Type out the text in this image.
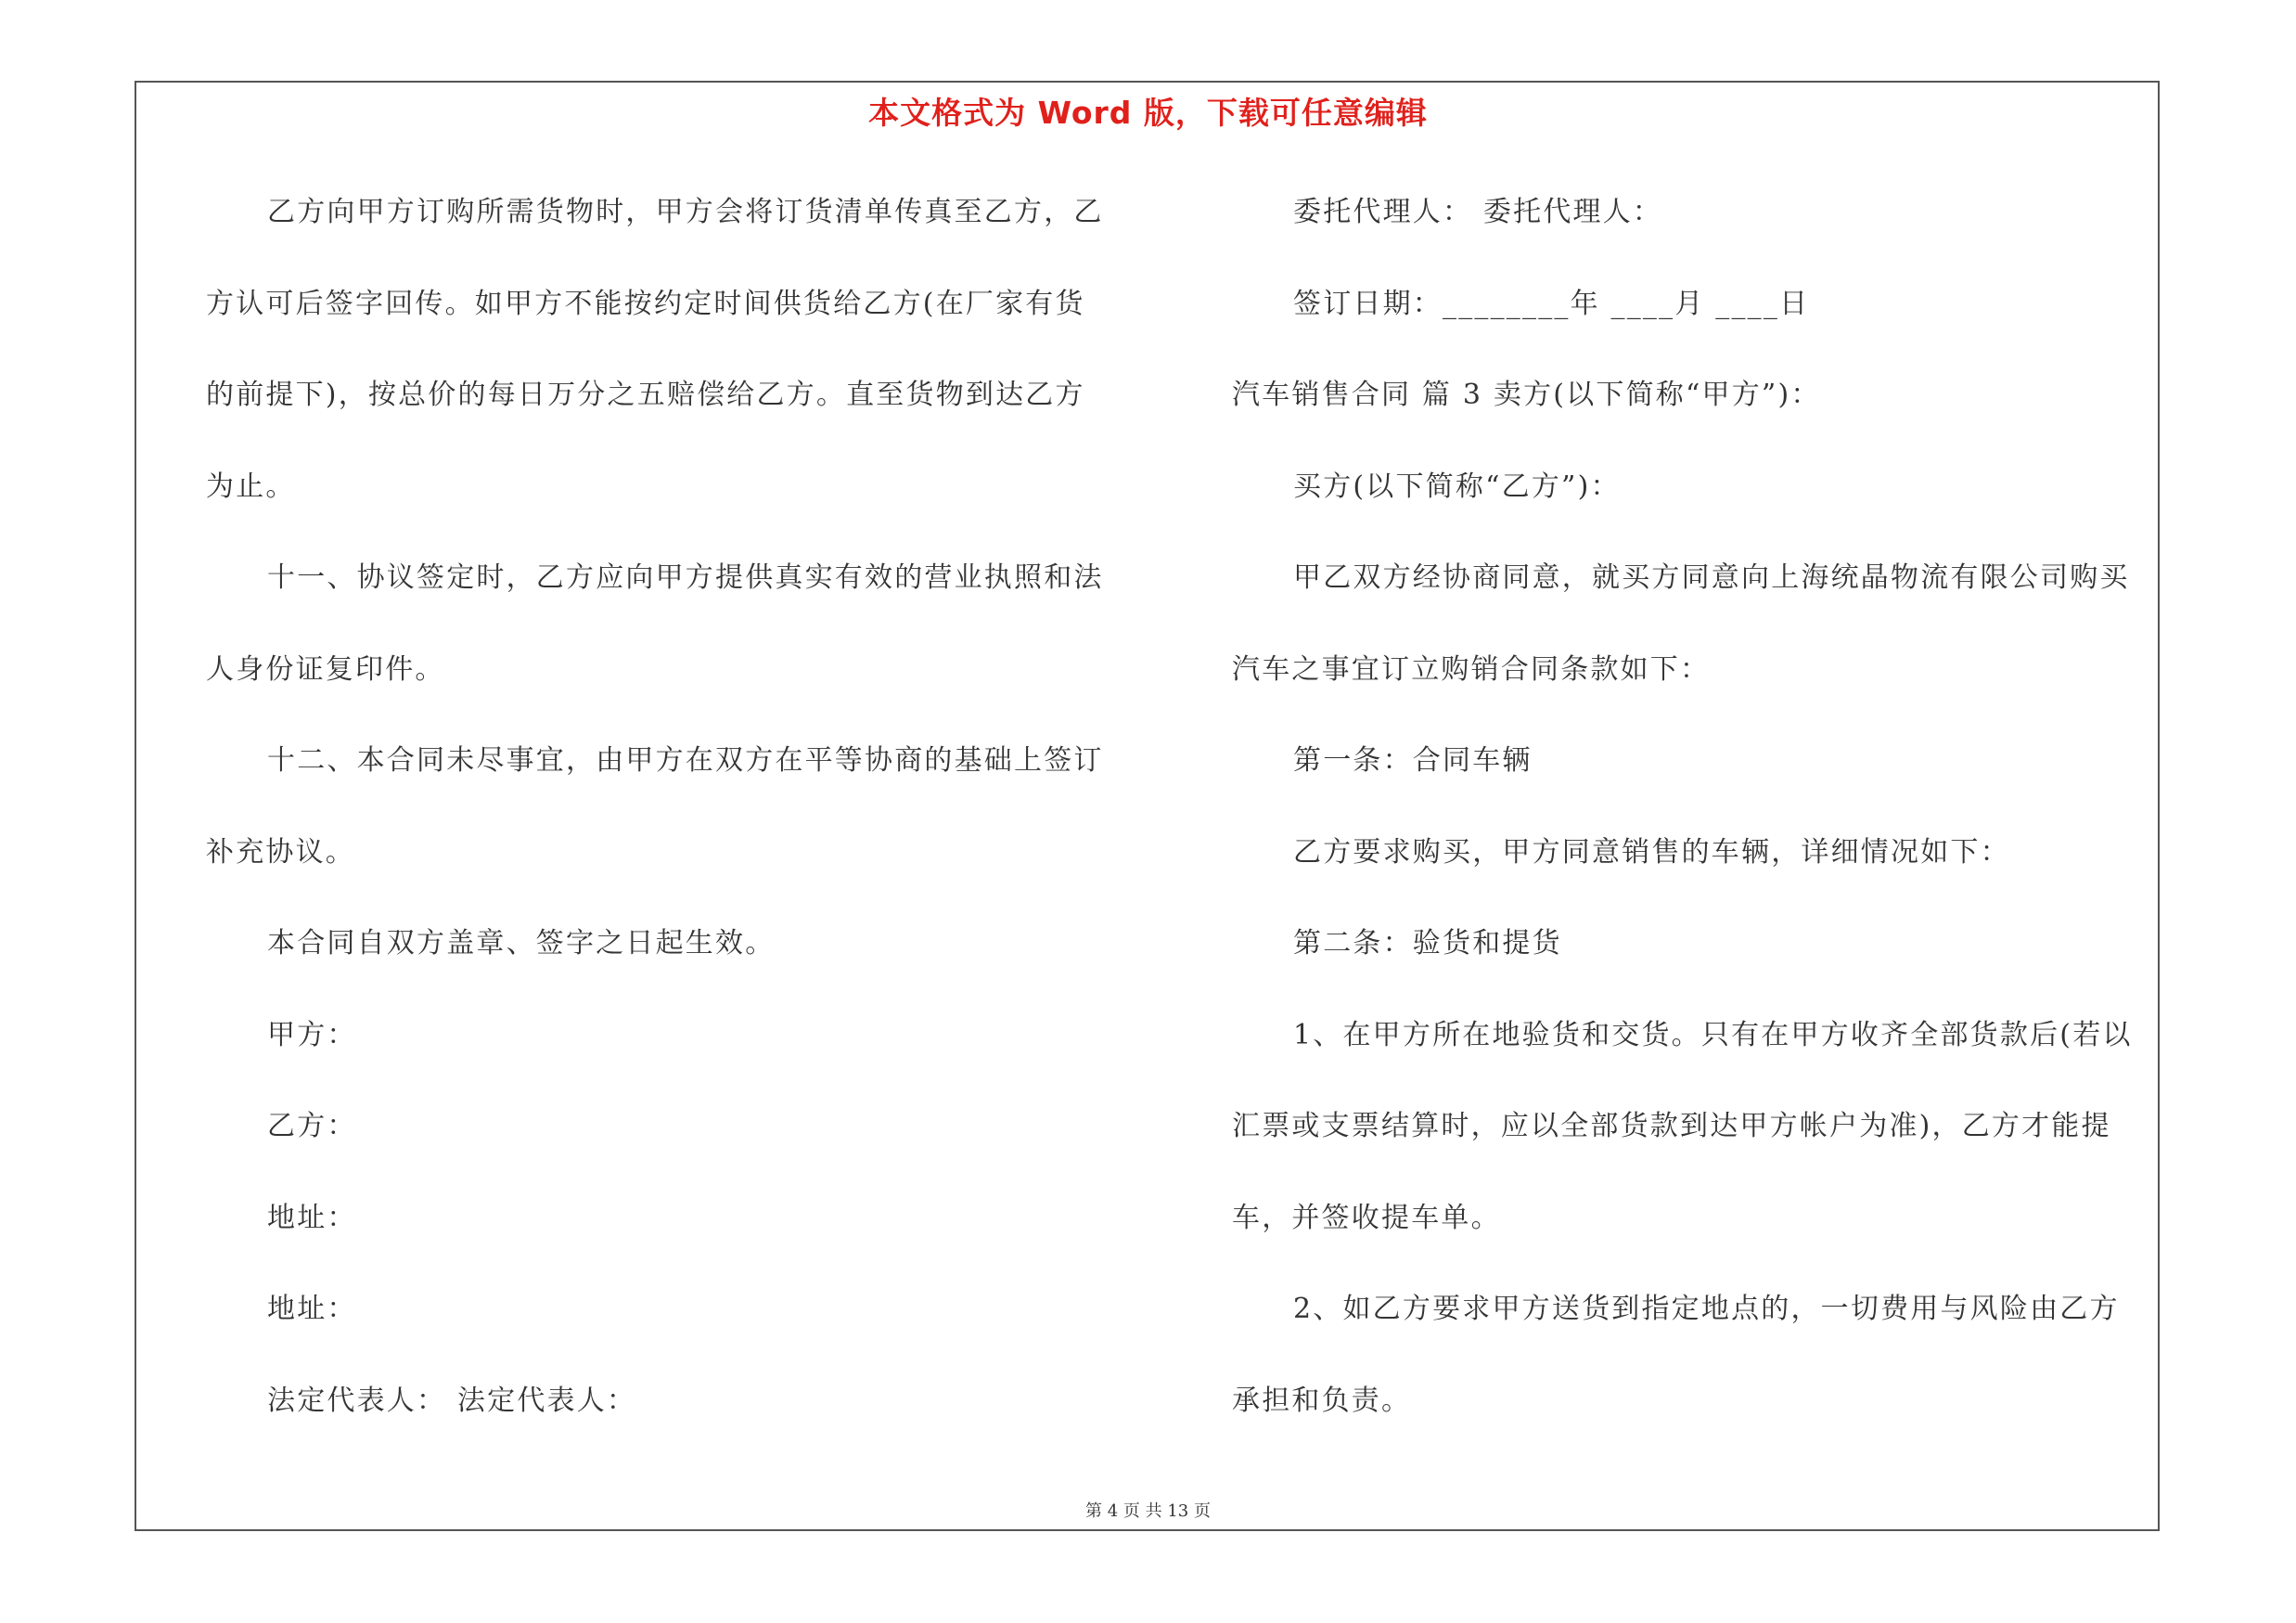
本文格式为 Word 版，下载可任意编辑
乙方向甲方订购所需货物时，甲方会将订货清单传真至乙方，乙
方认可后签字回传。如甲方不能按约定时间供货给乙方(在厂家有货
的前提下)，按总价的每日万分之五赔偿给乙方。直至货物到达乙方
为止。
十一、协议签定时，乙方应向甲方提供真实有效的营业执照和法
人身份证复印件。
十二、本合同未尽事宜，由甲方在双方在平等协商的基础上签订
补充协议。
本合同自双方盖章、签字之日起生效。
甲方：
乙方：
地址：
地址：
法定代表人： 法定代表人：
委托代理人： 委托代理人：
签订日期：________年 ____月 ____日
汽车销售合同 篇 3 卖方(以下简称“甲方”)：
买方(以下简称“乙方”)：
甲乙双方经协商同意，就买方同意向上海统晶物流有限公司购买
汽车之事宜订立购销合同条款如下：
第一条：合同车辆
乙方要求购买，甲方同意销售的车辆，详细情况如下：
第二条：验货和提货
1、在甲方所在地验货和交货。只有在甲方收齐全部货款后(若以
汇票或支票结算时，应以全部货款到达甲方帐户为准)，乙方才能提
车，并签收提车单。
2、如乙方要求甲方送货到指定地点的，一切费用与风险由乙方
承担和负责。
第 4 页 共 13 页
